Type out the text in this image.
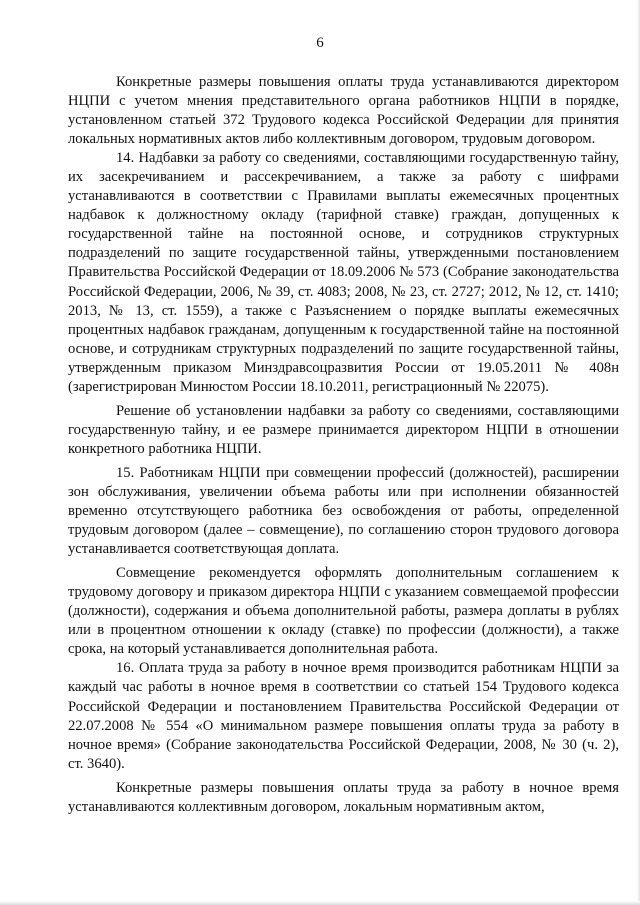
6

Конкретные размеры повышения оплаты труда устанавливаются директором НЦПИ с учетом мнения представительного органа работников НЦПИ в порядке, установленном статьей 372 Трудового кодекса Российской Федерации для принятия локальных нормативных актов либо коллективным договором, трудовым договором.

14. Надбавки за работу со сведениями, составляющими государственную тайну, их засекречиванием и рассекречиванием, а также за работу с шифрами устанавливаются в соответствии с Правилами выплаты ежемесячных процентных надбавок к должностному окладу (тарифной ставке) граждан, допущенных к государственной тайне на постоянной основе, и сотрудников структурных подразделений по защите государственной тайны, утвержденными постановлением Правительства Российской Федерации от 18.09.2006 № 573 (Собрание законодательства Российской Федерации, 2006, № 39, ст. 4083; 2008, № 23, ст. 2727; 2012, № 12, ст. 1410; 2013, № 13, ст. 1559), а также с Разъяснением о порядке выплаты ежемесячных процентных надбавок гражданам, допущенным к государственной тайне на постоянной основе, и сотрудникам структурных подразделений по защите государственной тайны, утвержденным приказом Минздравсоцразвития России от 19.05.2011 № 408н (зарегистрирован Минюстом России 18.10.2011, регистрационный № 22075).

Решение об установлении надбавки за работу со сведениями, составляющими государственную тайну, и ее размере принимается директором НЦПИ в отношении конкретного работника НЦПИ.

15. Работникам НЦПИ при совмещении профессий (должностей), расширении зон обслуживания, увеличении объема работы или при исполнении обязанностей временно отсутствующего работника без освобождения от работы, определенной трудовым договором (далее – совмещение), по соглашению сторон трудового договора устанавливается соответствующая доплата.

Совмещение рекомендуется оформлять дополнительным соглашением к трудовому договору и приказом директора НЦПИ с указанием совмещаемой профессии (должности), содержания и объема дополнительной работы, размера доплаты в рублях или в процентном отношении к окладу (ставке) по профессии (должности), а также срока, на который устанавливается дополнительная работа.

16. Оплата труда за работу в ночное время производится работникам НЦПИ за каждый час работы в ночное время в соответствии со статьей 154 Трудового кодекса Российской Федерации и постановлением Правительства Российской Федерации от 22.07.2008 № 554 «О минимальном размере повышения оплаты труда за работу в ночное время» (Собрание законодательства Российской Федерации, 2008, № 30 (ч. 2), ст. 3640).

Конкретные размеры повышения оплаты труда за работу в ночное время устанавливаются коллективным договором, локальным нормативным актом,
